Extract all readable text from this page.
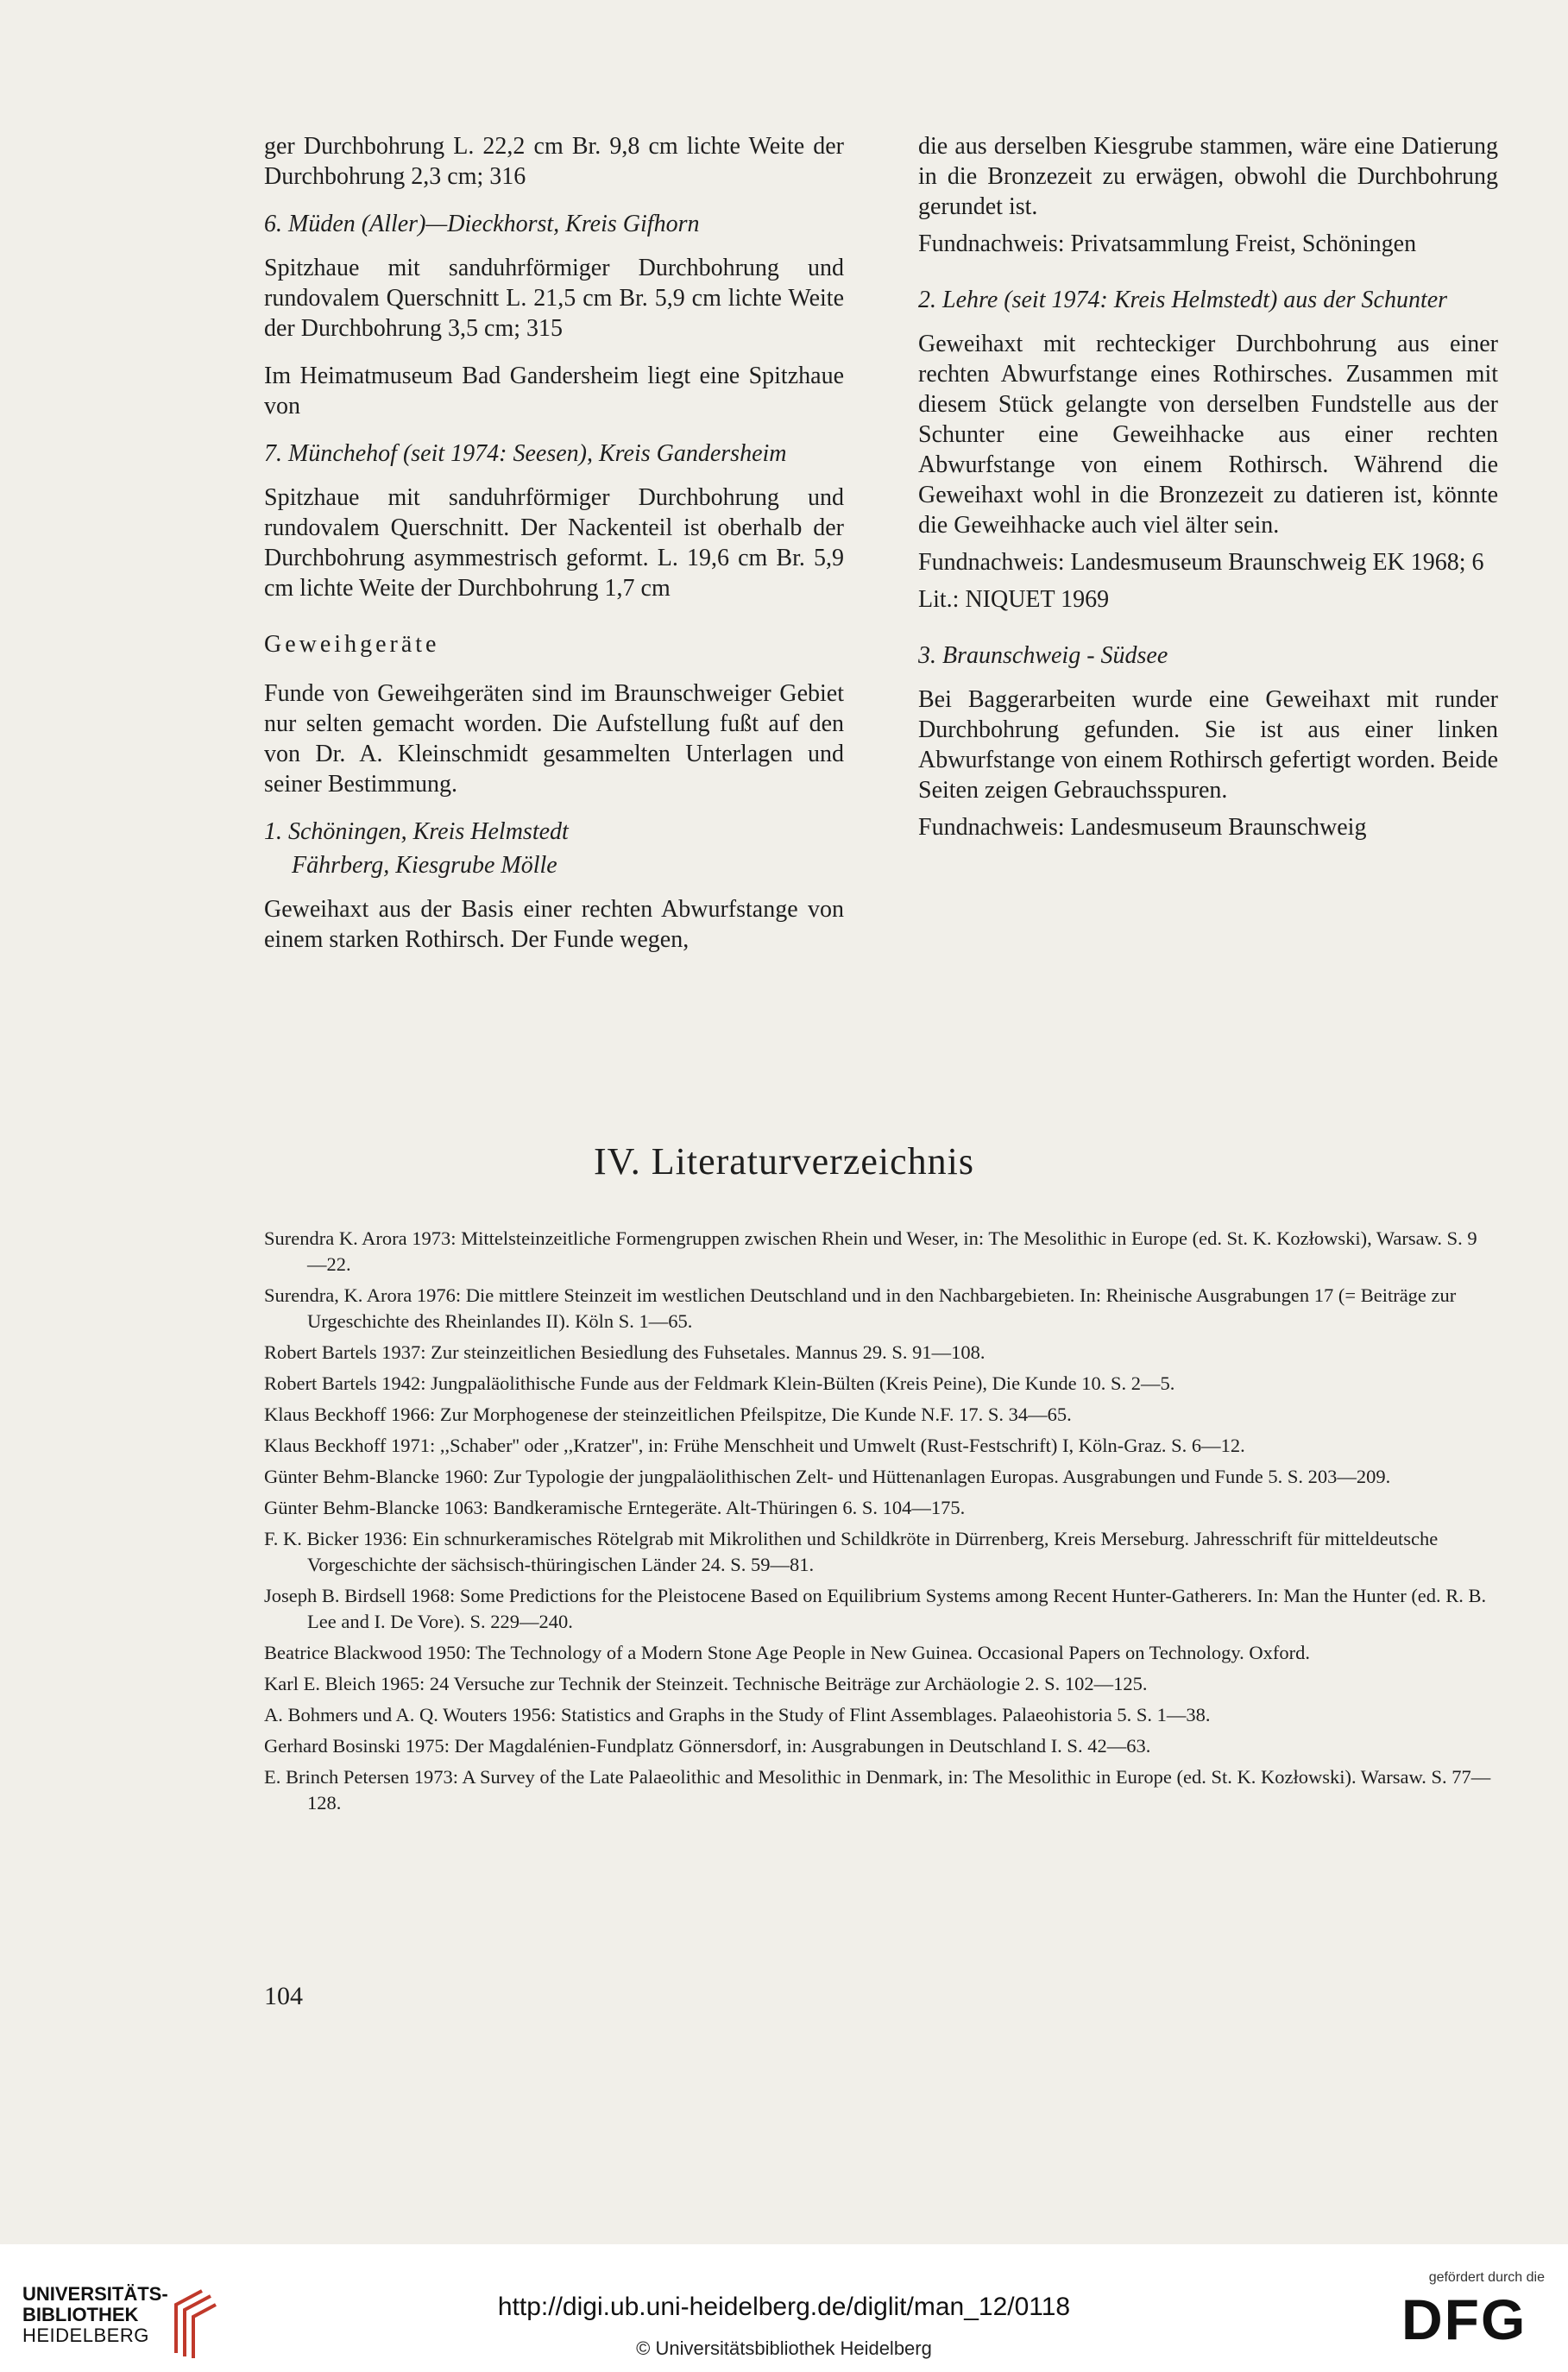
ger Durchbohrung L. 22,2 cm Br. 9,8 cm lichte Weite der Durchbohrung 2,3 cm; 316

6. Müden (Aller)—Dieckhorst, Kreis Gifhorn

Spitzhaue mit sanduhrförmiger Durchbohrung und rundovalem Querschnitt L. 21,5 cm Br. 5,9 cm lichte Weite der Durchbohrung 3,5 cm; 315

Im Heimatmuseum Bad Gandersheim liegt eine Spitzhaue von

7. Münchehof (seit 1974: Seesen), Kreis Gandersheim

Spitzhaue mit sanduhrförmiger Durchbohrung und rundovalem Querschnitt. Der Nackenteil ist oberhalb der Durchbohrung asymmestrisch geformt. L. 19,6 cm Br. 5,9 cm lichte Weite der Durchbohrung 1,7 cm

Geweihgeräte

Funde von Geweihgeräten sind im Braunschweiger Gebiet nur selten gemacht worden. Die Aufstellung fußt auf den von Dr. A. Kleinschmidt gesammelten Unterlagen und seiner Bestimmung.

1. Schöningen, Kreis Helmstedt

Fährberg, Kiesgrube Mölle

Geweihaxt aus der Basis einer rechten Abwurfstange von einem starken Rothirsch. Der Funde wegen,

die aus derselben Kiesgrube stammen, wäre eine Datierung in die Bronzezeit zu erwägen, obwohl die Durchbohrung gerundet ist.

Fundnachweis: Privatsammlung Freist, Schöningen

2. Lehre (seit 1974: Kreis Helmstedt) aus der Schunter

Geweihaxt mit rechteckiger Durchbohrung aus einer rechten Abwurfstange eines Rothirsches. Zusammen mit diesem Stück gelangte von derselben Fundstelle aus der Schunter eine Geweihhacke aus einer rechten Abwurfstange von einem Rothirsch. Während die Geweihaxt wohl in die Bronzezeit zu datieren ist, könnte die Geweihhacke auch viel älter sein.

Fundnachweis: Landesmuseum Braunschweig EK 1968; 6

Lit.: NIQUET 1969

3. Braunschweig - Südsee

Bei Baggerarbeiten wurde eine Geweihaxt mit runder Durchbohrung gefunden. Sie ist aus einer linken Abwurfstange von einem Rothirsch gefertigt worden. Beide Seiten zeigen Gebrauchsspuren.

Fundnachweis: Landesmuseum Braunschweig

IV. Literaturverzeichnis

Surendra K. Arora 1973: Mittelsteinzeitliche Formengruppen zwischen Rhein und Weser, in: The Mesolithic in Europe (ed. St. K. Kozłowski), Warsaw. S. 9—22.

Surendra, K. Arora 1976: Die mittlere Steinzeit im westlichen Deutschland und in den Nachbargebieten. In: Rheinische Ausgrabungen 17 (= Beiträge zur Urgeschichte des Rheinlandes II). Köln S. 1—65.

Robert Bartels 1937: Zur steinzeitlichen Besiedlung des Fuhsetales. Mannus 29. S. 91—108.

Robert Bartels 1942: Jungpaläolithische Funde aus der Feldmark Klein-Bülten (Kreis Peine), Die Kunde 10. S. 2—5.

Klaus Beckhoff 1966: Zur Morphogenese der steinzeitlichen Pfeilspitze, Die Kunde N.F. 17. S. 34—65.

Klaus Beckhoff 1971: ,,Schaber'' oder ,,Kratzer'', in: Frühe Menschheit und Umwelt (Rust-Festschrift) I, Köln-Graz. S. 6—12.

Günter Behm-Blancke 1960: Zur Typologie der jungpaläolithischen Zelt- und Hüttenanlagen Europas. Ausgrabungen und Funde 5. S. 203—209.

Günter Behm-Blancke 1063: Bandkeramische Erntegeräte. Alt-Thüringen 6. S. 104—175.

F. K. Bicker 1936: Ein schnurkeramisches Rötelgrab mit Mikrolithen und Schildkröte in Dürrenberg, Kreis Merseburg. Jahresschrift für mitteldeutsche Vorgeschichte der sächsisch-thüringischen Länder 24. S. 59—81.

Joseph B. Birdsell 1968: Some Predictions for the Pleistocene Based on Equilibrium Systems among Recent Hunter-Gatherers. In: Man the Hunter (ed. R. B. Lee and I. De Vore). S. 229—240.

Beatrice Blackwood 1950: The Technology of a Modern Stone Age People in New Guinea. Occasional Papers on Technology. Oxford.

Karl E. Bleich 1965: 24 Versuche zur Technik der Steinzeit. Technische Beiträge zur Archäologie 2. S. 102—125.

A. Bohmers und A. Q. Wouters 1956: Statistics and Graphs in the Study of Flint Assemblages. Palaeohistoria 5. S. 1—38.

Gerhard Bosinski 1975: Der Magdalénien-Fundplatz Gönnersdorf, in: Ausgrabungen in Deutschland I. S. 42—63.

E. Brinch Petersen 1973: A Survey of the Late Palaeolithic and Mesolithic in Denmark, in: The Mesolithic in Europe (ed. St. K. Kozłowski). Warsaw. S. 77—128.

104
UNIVERSITÄTS-
BIBLIOTHEK
HEIDELBERG
http://digi.ub.uni-heidelberg.de/diglit/man_12/0118
© Universitätsbibliothek Heidelberg
gefördert durch die
DFG
